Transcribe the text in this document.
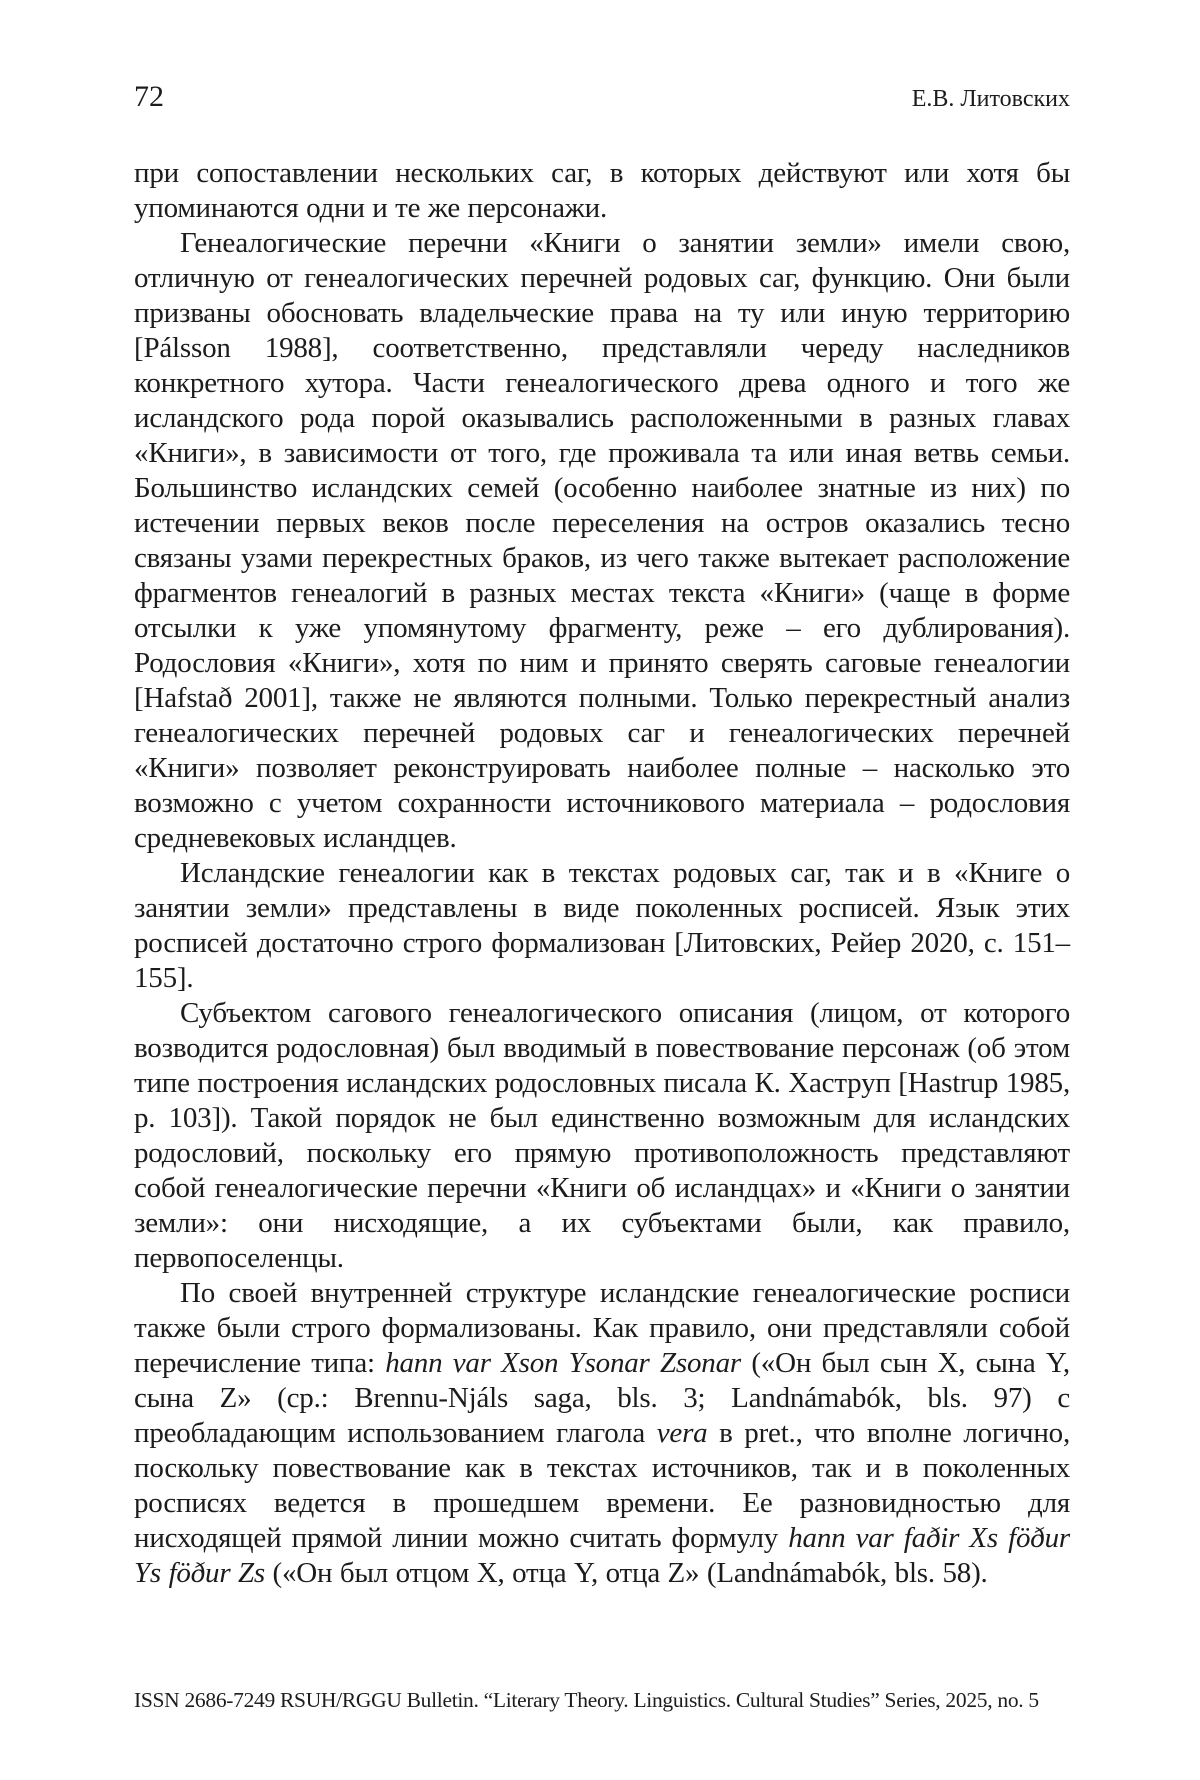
72	Е.В. Литовских

при сопоставлении нескольких саг, в которых действуют или хотя бы упоминаются одни и те же персонажи.

Генеалогические перечни «Книги о занятии земли» имели свою, отличную от генеалогических перечней родовых саг, функцию. Они были призваны обосновать владельческие права на ту или иную территорию [Pálsson 1988], соответственно, представляли череду наследников конкретного хутора. Части генеалогического древа одного и того же исландского рода порой оказывались расположенными в разных главах «Книги», в зависимости от того, где проживала та или иная ветвь семьи. Большинство исландских семей (особенно наиболее знатные из них) по истечении первых веков после переселения на остров оказались тесно связаны узами перекрестных браков, из чего также вытекает расположение фрагментов генеалогий в разных местах текста «Книги» (чаще в форме отсылки к уже упомянутому фрагменту, реже – его дублирования). Родословия «Книги», хотя по ним и принято сверять саговые генеалогии [Hafstað 2001], также не являются полными. Только перекрестный анализ генеалогических перечней родовых саг и генеалогических перечней «Книги» позволяет реконструировать наиболее полные – насколько это возможно с учетом сохранности источникового материала – родословия средневековых исландцев.

Исландские генеалогии как в текстах родовых саг, так и в «Книге о занятии земли» представлены в виде поколенных росписей. Язык этих росписей достаточно строго формализован [Литовских, Рейер 2020, с. 151–155].

Субъектом сагового генеалогического описания (лицом, от которого возводится родословная) был вводимый в повествование персонаж (об этом типе построения исландских родословных писала К. Хаструп [Hastrup 1985, p. 103]). Такой порядок не был единственно возможным для исландских родословий, поскольку его прямую противоположность представляют собой генеалогические перечни «Книги об исландцах» и «Книги о занятии земли»: они нисходящие, а их субъектами были, как правило, первопоселенцы.

По своей внутренней структуре исландские генеалогические росписи также были строго формализованы. Как правило, они представляли собой перечисление типа: hann var Xson Ysonar Zsonar («Он был сын X, сына Y, сына Z» (ср.: Brennu-Njáls saga, bls. 3; Landnámabók, bls. 97) с преобладающим использованием глагола vera в pret., что вполне логично, поскольку повествование как в текстах источников, так и в поколенных росписях ведется в прошедшем времени. Ее разновидностью для нисходящей прямой линии можно считать формулу hann var faðir Xs föður Ys föður Zs («Он был отцом X, отца Y, отца Z» (Landnámabók, bls. 58).

ISSN 2686-7249 RSUH/RGGU Bulletin. “Literary Theory. Linguistics. Cultural Studies” Series, 2025, no. 5
